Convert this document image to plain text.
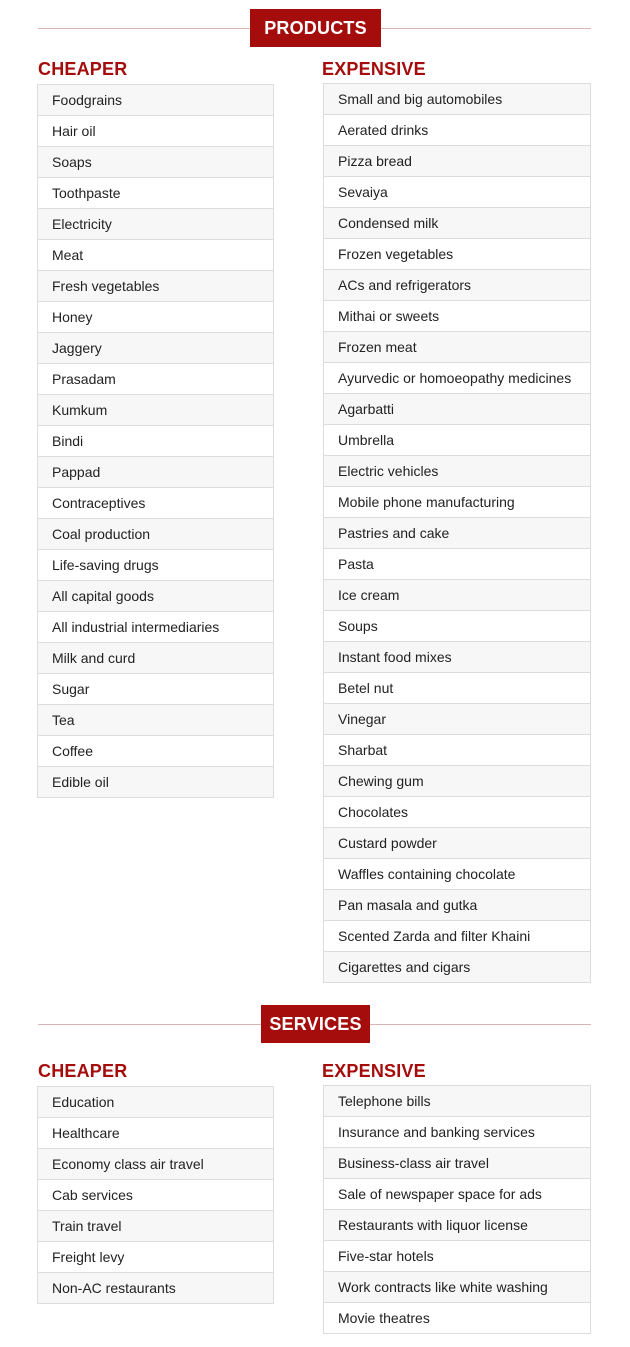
PRODUCTS
CHEAPER
Foodgrains
Hair oil
Soaps
Toothpaste
Electricity
Meat
Fresh vegetables
Honey
Jaggery
Prasadam
Kumkum
Bindi
Pappad
Contraceptives
Coal production
Life-saving drugs
All capital goods
All industrial intermediaries
Milk and curd
Sugar
Tea
Coffee
Edible oil
EXPENSIVE
Small and big automobiles
Aerated drinks
Pizza bread
Sevaiya
Condensed milk
Frozen vegetables
ACs and refrigerators
Mithai or sweets
Frozen meat
Ayurvedic or homoeopathy medicines
Agarbatti
Umbrella
Electric vehicles
Mobile phone manufacturing
Pastries and cake
Pasta
Ice cream
Soups
Instant food mixes
Betel nut
Vinegar
Sharbat
Chewing gum
Chocolates
Custard powder
Waffles containing chocolate
Pan masala and gutka
Scented Zarda and filter Khaini
Cigarettes and cigars
SERVICES
CHEAPER
Education
Healthcare
Economy class air travel
Cab services
Train travel
Freight levy
Non-AC restaurants
EXPENSIVE
Telephone bills
Insurance and banking services
Business-class air travel
Sale of newspaper space for ads
Restaurants with liquor license
Five-star hotels
Work contracts like white washing
Movie theatres
